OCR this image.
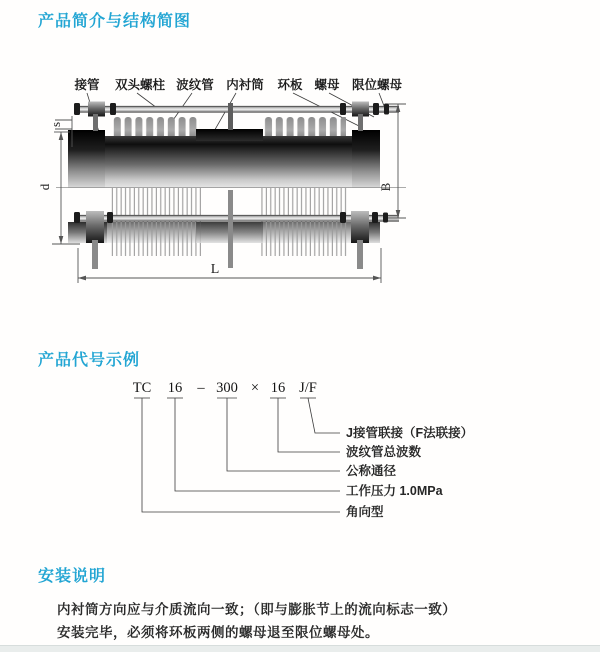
产品简介与结构简图
接管 双头螺柱 波纹管 内衬筒 环板 螺母 限位螺母
s
d	B
L
TC 16 – 300 × 16 J/F
J接管联接（F法联接）
波纹管总波数
公称通径
工作压力 1.0MPa
角向型
产品代号示例
安装说明

内衬筒方向应与介质流向一致；（即与膨胀节上的流向标志一致）

安装完毕，必须将环板两侧的螺母退至限位螺母处。
